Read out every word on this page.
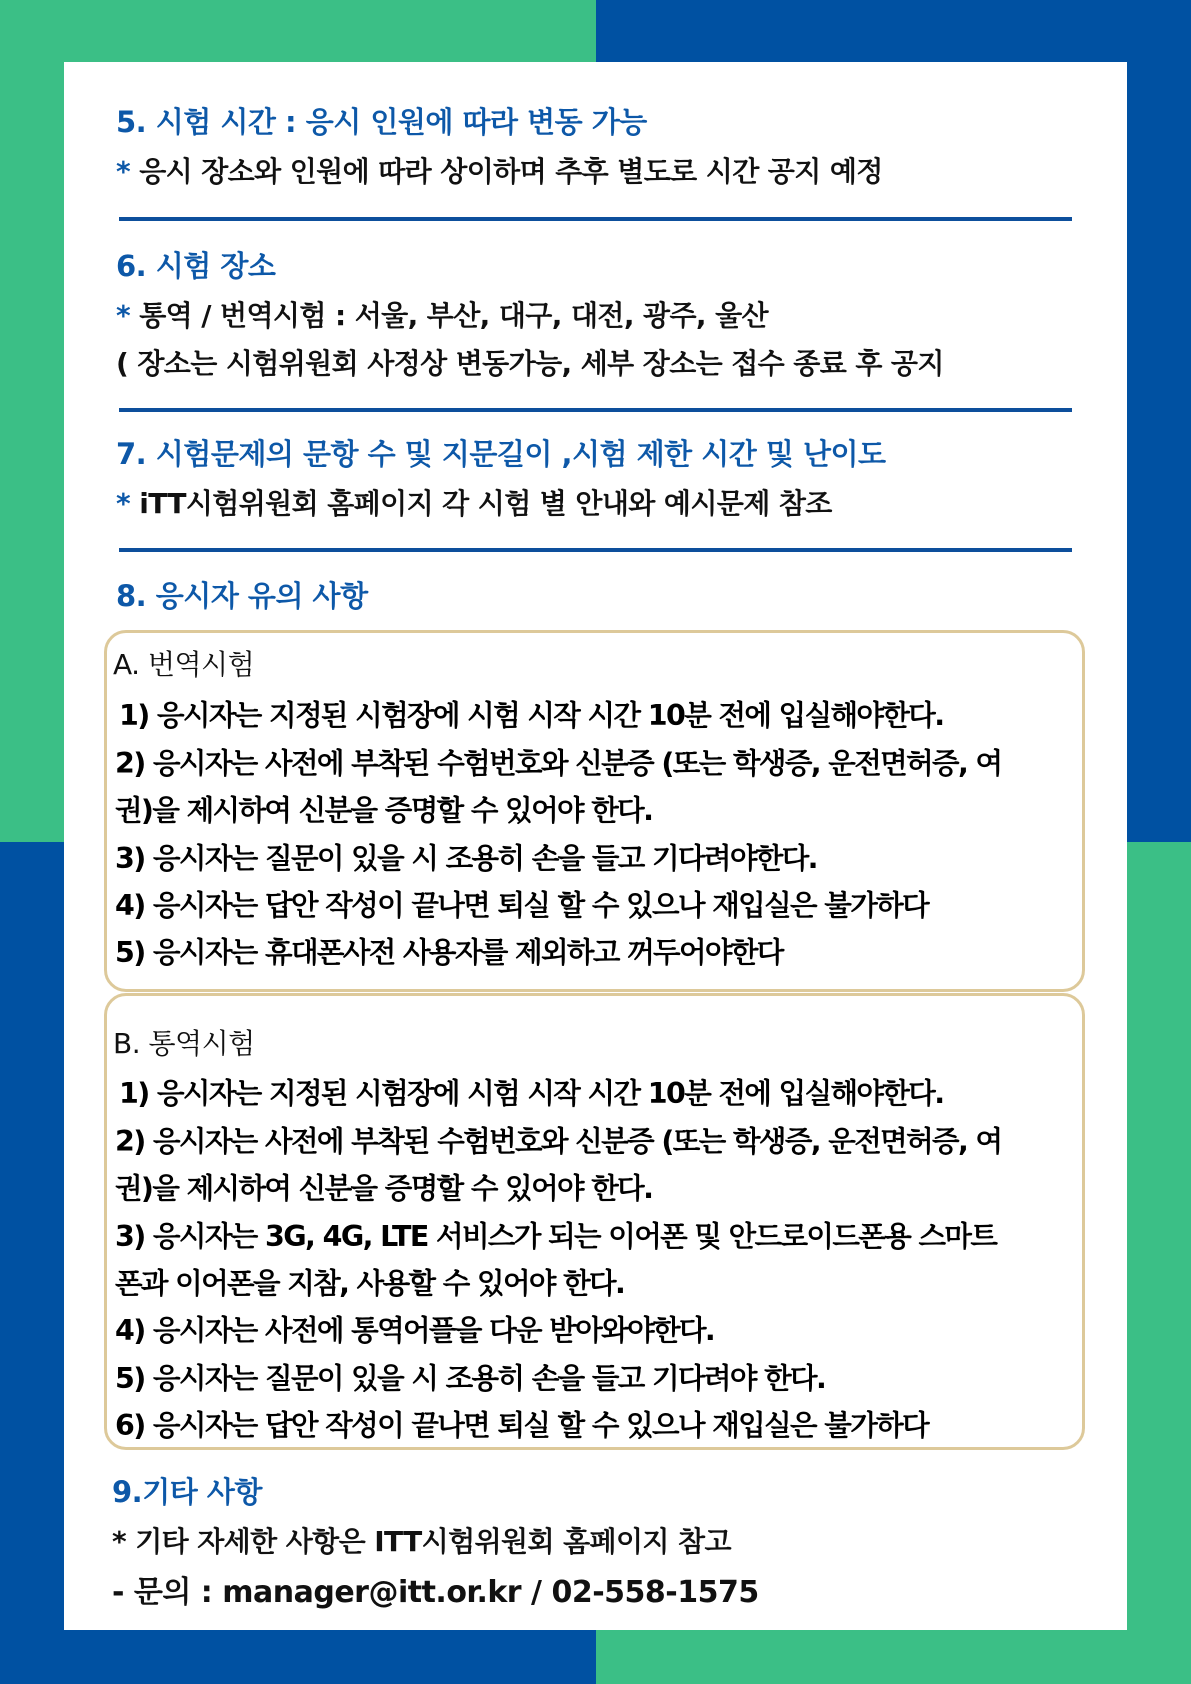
5. 시험 시간 : 응시 인원에 따라 변동 가능

* 응시 장소와 인원에 따라 상이하며 추후 별도로 시간 공지 예정

6. 시험 장소

* 통역 / 번역시험 : 서울, 부산, 대구, 대전, 광주, 울산

( 장소는 시험위원회 사정상 변동가능, 세부 장소는 접수 종료 후 공지

7. 시험문제의 문항 수 및 지문길이 ,시험 제한 시간 및 난이도

* iTT시험위원회 홈페이지 각 시험 별 안내와 예시문제 참조

8. 응시자 유의 사항

A. 번역시험

1) 응시자는 지정된 시험장에 시험 시작 시간 10분 전에 입실해야한다.

2) 응시자는 사전에 부착된 수험번호와 신분증 (또는 학생증, 운전면허증, 여

권)을 제시하여 신분을 증명할 수 있어야 한다.

3) 응시자는 질문이 있을 시 조용히 손을 들고 기다려야한다.

4) 응시자는 답안 작성이 끝나면 퇴실 할 수 있으나 재입실은 불가하다

5) 응시자는 휴대폰사전 사용자를 제외하고 꺼두어야한다

B. 통역시험

1) 응시자는 지정된 시험장에 시험 시작 시간 10분 전에 입실해야한다.

2) 응시자는 사전에 부착된 수험번호와 신분증 (또는 학생증, 운전면허증, 여

권)을 제시하여 신분을 증명할 수 있어야 한다.

3) 응시자는 3G, 4G, LTE 서비스가 되는 이어폰 및 안드로이드폰용 스마트

폰과 이어폰을 지참, 사용할 수 있어야 한다.

4) 응시자는 사전에 통역어플을 다운 받아와야한다.

5) 응시자는 질문이 있을 시 조용히 손을 들고 기다려야 한다.

6) 응시자는 답안 작성이 끝나면 퇴실 할 수 있으나 재입실은 불가하다

9.기타 사항

* 기타 자세한 사항은 ITT시험위원회 홈페이지 참고

- 문의 : manager@itt.or.kr / 02-558-1575
